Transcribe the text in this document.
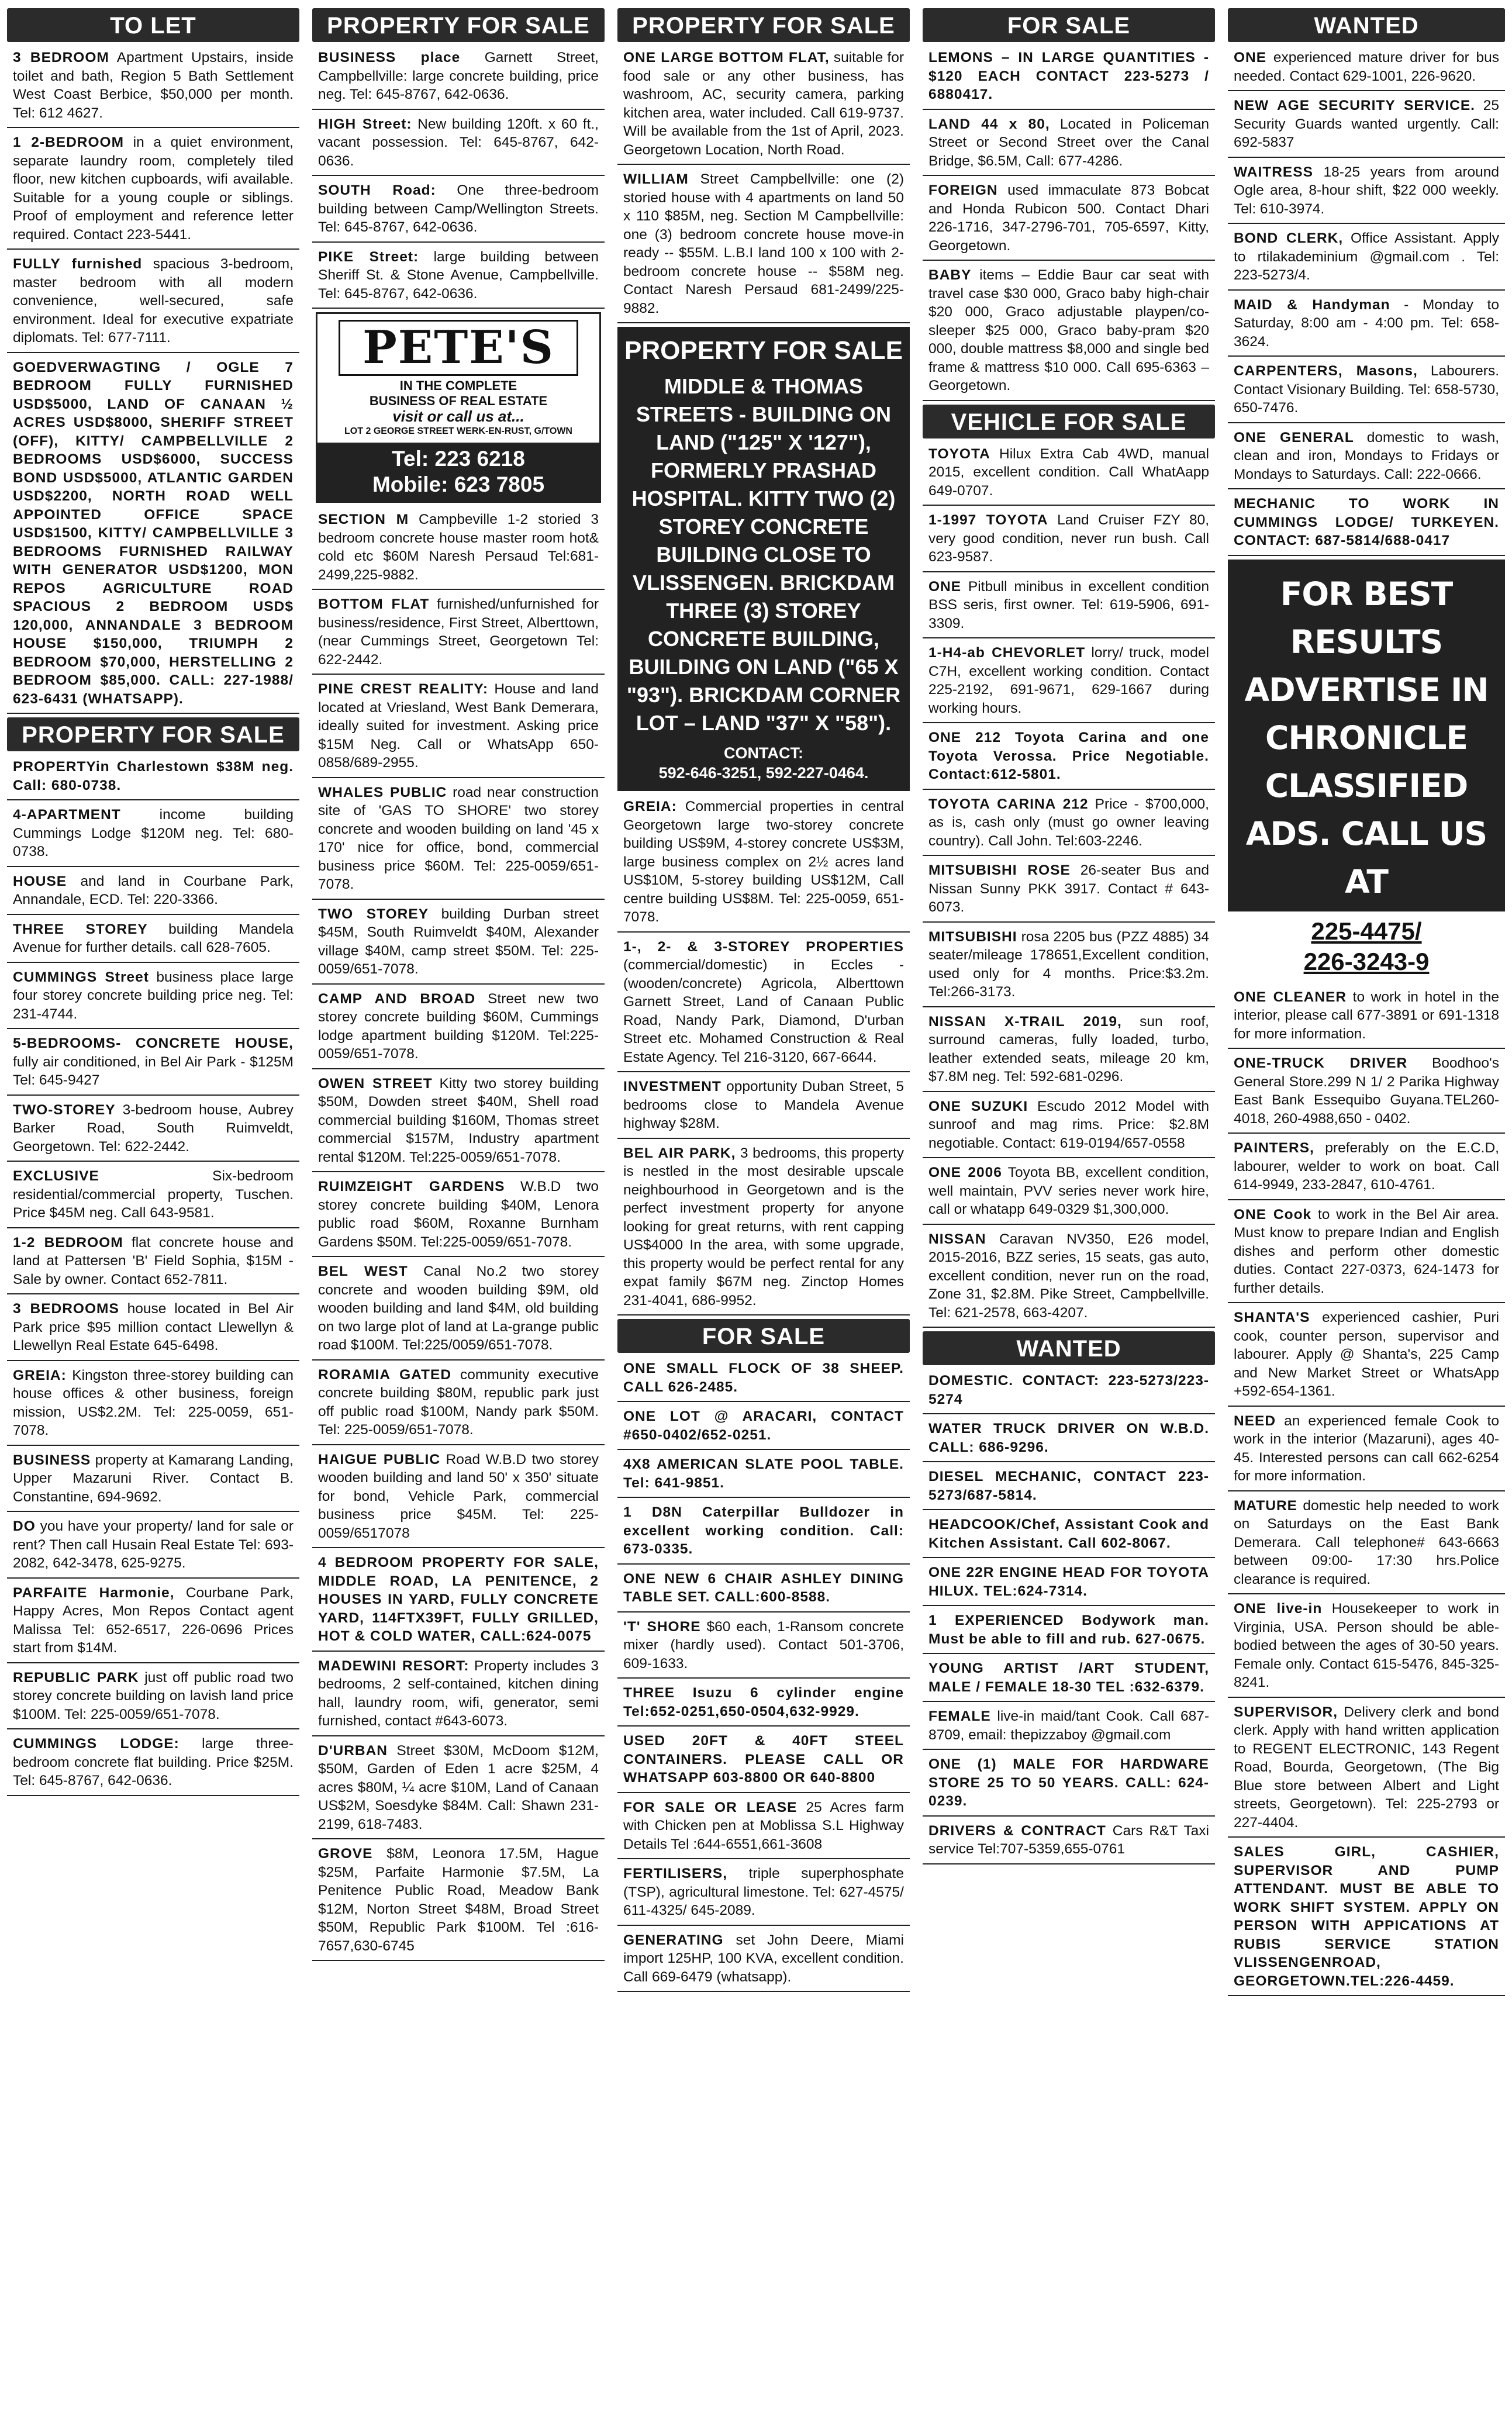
TO LET
3 BEDROOM Apartment Upstairs, inside toilet and bath, Region 5 Bath Settlement West Coast Berbice, $50,000 per month. Tel: 612 4627.
1 2-BEDROOM in a quiet environment, separate laundry room, completely tiled floor, new kitchen cupboards, wifi available. Suitable for a young couple or siblings. Proof of employment and reference letter required. Contact 223-5441.
FULLY furnished spacious 3-bedroom, master bedroom with all modern convenience, well-secured, safe environment. Ideal for executive expatriate diplomats. Tel: 677-7111.
GOEDVERWAGTING / OGLE 7 BEDROOM FULLY FURNISHED USD$5000, LAND OF CANAAN ½ ACRES USD$8000, SHERIFF STREET (OFF), KITTY/ CAMPBELLVILLE 2 BEDROOMS USD$6000, SUCCESS BOND USD$5000, ATLANTIC GARDEN USD$2200, NORTH ROAD WELL APPOINTED OFFICE SPACE USD$1500, KITTY/ CAMPBELLVILLE 3 BEDROOMS FURNISHED RAILWAY WITH GENERATOR USD$1200, MON REPOS AGRICULTURE ROAD SPACIOUS 2 BEDROOM USD$ 120,000, ANNANDALE 3 BEDROOM HOUSE $150,000, TRIUMPH 2 BEDROOM $70,000, HERSTELLING 2 BEDROOM $85,000. CALL: 227-1988/ 623-6431 (WHATSAPP).
PROPERTY FOR SALE
PROPERTYin Charlestown $38M neg. Call: 680-0738.
4-APARTMENT income building Cummings Lodge $120M neg. Tel: 680-0738.
HOUSE and land in Courbane Park, Annandale, ECD. Tel: 220-3366.
THREE STOREY building Mandela Avenue for further details. call 628-7605.
CUMMINGS Street business place large four storey concrete building price neg. Tel: 231-4744.
5-BEDROOMS- CONCRETE HOUSE, fully air conditioned, in Bel Air Park - $125M Tel: 645-9427
TWO-STOREY 3-bedroom house, Aubrey Barker Road, South Ruimveldt, Georgetown. Tel: 622-2442.
EXCLUSIVE Six-bedroom residential/commercial property, Tuschen. Price $45M neg. Call 643-9581.
1-2 BEDROOM flat concrete house and land at Pattersen 'B' Field Sophia, $15M - Sale by owner. Contact 652-7811.
3 BEDROOMS house located in Bel Air Park price $95 million contact Llewellyn & Llewellyn Real Estate 645-6498.
GREIA: Kingston three-storey building can house offices & other business, foreign mission, US$2.2M. Tel: 225-0059, 651-7078.
BUSINESS property at Kamarang Landing, Upper Mazaruni River. Contact B. Constantine, 694-9692.
DO you have your property/ land for sale or rent? Then call Husain Real Estate Tel: 693-2082, 642-3478, 625-9275.
PARFAITE Harmonie, Courbane Park, Happy Acres, Mon Repos Contact agent Malissa Tel: 652-6517, 226-0696 Prices start from $14M.
REPUBLIC PARK just off public road two storey concrete building on lavish land price $100M. Tel: 225-0059/651-7078.
CUMMINGS LODGE: large three-bedroom concrete flat building. Price $25M. Tel: 645-8767, 642-0636.
PROPERTY FOR SALE
BUSINESS place Garnett Street, Campbellville: large concrete building, price neg. Tel: 645-8767, 642-0636.
HIGH Street: New building 120ft. x 60 ft., vacant possession. Tel: 645-8767, 642-0636.
SOUTH Road: One three-bedroom building between Camp/Wellington Streets. Tel: 645-8767, 642-0636.
PIKE Street: large building between Sheriff St. & Stone Avenue, Campbellville. Tel: 645-8767, 642-0636.
PETE'S
IN THE COMPLETE
BUSINESS OF REAL ESTATE
visit or call us at...
LOT 2 GEORGE STREET WERK-EN-RUST, G/TOWN
Tel: 223 6218
Mobile: 623 7805
SECTION M Campbeville 1-2 storied 3 bedroom concrete house master room hot& cold etc $60M Naresh Persaud Tel:681-2499,225-9882.
BOTTOM FLAT furnished/unfurnished for business/residence, First Street, Alberttown, (near Cummings Street, Georgetown Tel: 622-2442.
PINE CREST REALITY: House and land located at Vriesland, West Bank Demerara, ideally suited for investment. Asking price $15M Neg. Call or WhatsApp 650-0858/689-2955.
WHALES PUBLIC road near construction site of 'GAS TO SHORE' two storey concrete and wooden building on land '45 x 170' nice for office, bond, commercial business price $60M. Tel: 225-0059/651-7078.
TWO STOREY building Durban street $45M, South Ruimveldt $40M, Alexander village $40M, camp street $50M. Tel: 225-0059/651-7078.
CAMP AND BROAD Street new two storey concrete building $60M, Cummings lodge apartment building $120M. Tel:225-0059/651-7078.
OWEN STREET Kitty two storey building $50M, Dowden street $40M, Shell road commercial building $160M, Thomas street commercial $157M, Industry apartment rental $120M. Tel:225-0059/651-7078.
RUIMZEIGHT GARDENS W.B.D two storey concrete building $40M, Lenora public road $60M, Roxanne Burnham Gardens $50M. Tel:225-0059/651-7078.
BEL WEST Canal No.2 two storey concrete and wooden building $9M, old wooden building and land $4M, old building on two large plot of land at La-grange public road $100M. Tel:225/0059/651-7078.
RORAMIA GATED community executive concrete building $80M, republic park just off public road $100M, Nandy park $50M. Tel: 225-0059/651-7078.
HAIGUE PUBLIC Road W.B.D two storey wooden building and land 50' x 350' situate for bond, Vehicle Park, commercial business price $45M. Tel: 225-0059/6517078
4 BEDROOM PROPERTY FOR SALE, MIDDLE ROAD, LA PENITENCE, 2 HOUSES IN YARD, FULLY CONCRETE YARD, 114FTX39FT, FULLY GRILLED, HOT & COLD WATER, CALL:624-0075
MADEWINI RESORT: Property includes 3 bedrooms, 2 self-contained, kitchen dining hall, laundry room, wifi, generator, semi furnished, contact #643-6073.
D'URBAN Street $30M, McDoom $12M, $50M, Garden of Eden 1 acre $25M, 4 acres $80M, ¼ acre $10M, Land of Canaan US$2M, Soesdyke $84M. Call: Shawn 231-2199, 618-7483.
GROVE $8M, Leonora 17.5M, Hague $25M, Parfaite Harmonie $7.5M, La Penitence Public Road, Meadow Bank $12M, Norton Street $48M, Broad Street $50M, Republic Park $100M. Tel :616-7657,630-6745
PROPERTY FOR SALE
ONE LARGE BOTTOM FLAT, suitable for food sale or any other business, has washroom, AC, security camera, parking kitchen area, water included. Call 619-9737. Will be available from the 1st of April, 2023. Georgetown Location, North Road.
WILLIAM Street Campbellville: one (2) storied house with 4 apartments on land 50 x 110 $85M, neg. Section M Campbellville: one (3) bedroom concrete house move-in ready -- $55M. L.B.I land 100 x 100 with 2- bedroom concrete house -- $58M neg. Contact Naresh Persaud 681-2499/225-9882.
PROPERTY FOR SALE
MIDDLE & THOMAS STREETS - BUILDING ON LAND ("125" X '127"), FORMERLY PRASHAD HOSPITAL. KITTY TWO (2) STOREY CONCRETE BUILDING CLOSE TO VLISSENGEN. BRICKDAM THREE (3) STOREY CONCRETE BUILDING, BUILDING ON LAND ("65 X "93"). BRICKDAM CORNER LOT – LAND "37" X "58").
CONTACT:
592-646-3251, 592-227-0464.
GREIA: Commercial properties in central Georgetown large two-storey concrete building US$9M, 4-storey concrete US$3M, large business complex on 2½ acres land US$10M, 5-storey building US$12M, Call centre building US$8M. Tel: 225-0059, 651-7078.
1-, 2- & 3-STOREY PROPERTIES (commercial/domestic) in Eccles - (wooden/concrete) Agricola, Alberttown Garnett Street, Land of Canaan Public Road, Nandy Park, Diamond, D'urban Street etc. Mohamed Construction & Real Estate Agency. Tel 216-3120, 667-6644.
INVESTMENT opportunity Duban Street, 5 bedrooms close to Mandela Avenue highway $28M.
BEL AIR PARK, 3 bedrooms, this property is nestled in the most desirable upscale neighbourhood in Georgetown and is the perfect investment property for anyone looking for great returns, with rent capping US$4000 In the area, with some upgrade, this property would be perfect rental for any expat family $67M neg. Zinctop Homes 231-4041, 686-9952.
FOR SALE
ONE SMALL FLOCK OF 38 SHEEP. CALL 626-2485.
ONE LOT @ ARACARI, CONTACT #650-0402/652-0251.
4X8 AMERICAN SLATE POOL TABLE. Tel: 641-9851.
1 D8N Caterpillar Bulldozer in excellent working condition. Call: 673-0335.
ONE NEW 6 CHAIR ASHLEY DINING TABLE SET. CALL:600-8588.
'T' SHORE $60 each, 1-Ransom concrete mixer (hardly used). Contact 501-3706, 609-1633.
THREE Isuzu 6 cylinder engine Tel:652-0251,650-0504,632-9929.
USED 20FT & 40FT STEEL CONTAINERS. PLEASE CALL OR WHATSAPP 603-8800 OR 640-8800
FOR SALE OR LEASE 25 Acres farm with Chicken pen at Moblissa S.L Highway Details Tel :644-6551,661-3608
FERTILISERS, triple superphosphate (TSP), agricultural limestone. Tel: 627-4575/ 611-4325/ 645-2089.
GENERATING set John Deere, Miami import 125HP, 100 KVA, excellent condition. Call 669-6479 (whatsapp).
FOR SALE
LEMONS – IN LARGE QUANTITIES - $120 EACH CONTACT 223-5273 / 6880417.
LAND 44 x 80, Located in Policeman Street or Second Street over the Canal Bridge, $6.5M, Call: 677-4286.
FOREIGN used immaculate 873 Bobcat and Honda Rubicon 500. Contact Dhari 226-1716, 347-2796-701, 705-6597, Kitty, Georgetown.
BABY items – Eddie Baur car seat with travel case $30 000, Graco baby high-chair $20 000, Graco adjustable playpen/co-sleeper $25 000, Graco baby-pram $20 000, double mattress $8,000 and single bed frame & mattress $10 000. Call 695-6363 – Georgetown.
VEHICLE FOR SALE
TOYOTA Hilux Extra Cab 4WD, manual 2015, excellent condition. Call WhatAapp 649-0707.
1-1997 TOYOTA Land Cruiser FZY 80, very good condition, never run bush. Call 623-9587.
ONE Pitbull minibus in excellent condition BSS seris, first owner. Tel: 619-5906, 691-3309.
1-H4-ab CHEVORLET lorry/ truck, model C7H, excellent working condition. Contact 225-2192, 691-9671, 629-1667 during working hours.
ONE 212 Toyota Carina and one Toyota Verossa. Price Negotiable. Contact:612-5801.
TOYOTA CARINA 212 Price - $700,000, as is, cash only (must go owner leaving country). Call John. Tel:603-2246.
MITSUBISHI ROSE 26-seater Bus and Nissan Sunny PKK 3917. Contact # 643-6073.
MITSUBISHI rosa 2205 bus (PZZ 4885) 34 seater/mileage 178651,Excellent condition, used only for 4 months. Price:$3.2m. Tel:266-3173.
NISSAN X-TRAIL 2019, sun roof, surround cameras, fully loaded, turbo, leather extended seats, mileage 20 km, $7.8M neg. Tel: 592-681-0296.
ONE SUZUKI Escudo 2012 Model with sunroof and mag rims. Price: $2.8M negotiable. Contact: 619-0194/657-0558
ONE 2006 Toyota BB, excellent condition, well maintain, PVV series never work hire, call or whatapp 649-0329 $1,300,000.
NISSAN Caravan NV350, E26 model, 2015-2016, BZZ series, 15 seats, gas auto, excellent condition, never run on the road, Zone 31, $2.8M. Pike Street, Campbellville. Tel: 621-2578, 663-4207.
WANTED
DOMESTIC. CONTACT: 223-5273/223-5274
WATER TRUCK DRIVER ON W.B.D. CALL: 686-9296.
DIESEL MECHANIC, CONTACT 223-5273/687-5814.
HEADCOOK/Chef, Assistant Cook and Kitchen Assistant. Call 602-8067.
ONE 22R ENGINE HEAD FOR TOYOTA HILUX. TEL:624-7314.
1 EXPERIENCED Bodywork man. Must be able to fill and rub. 627-0675.
YOUNG ARTIST /ART STUDENT, MALE / FEMALE 18-30 TEL :632-6379.
FEMALE live-in maid/tant Cook. Call 687-8709, email: thepizzaboy @gmail.com
ONE (1) MALE FOR HARDWARE STORE 25 TO 50 YEARS. CALL: 624-0239.
DRIVERS & CONTRACT Cars R&T Taxi service Tel:707-5359,655-0761
WANTED
ONE experienced mature driver for bus needed. Contact 629-1001, 226-9620.
NEW AGE SECURITY SERVICE. 25 Security Guards wanted urgently. Call: 692-5837
WAITRESS 18-25 years from around Ogle area, 8-hour shift, $22 000 weekly. Tel: 610-3974.
BOND CLERK, Office Assistant. Apply to rtilakademinium @gmail.com . Tel: 223-5273/4.
MAID & Handyman - Monday to Saturday, 8:00 am - 4:00 pm. Tel: 658-3624.
CARPENTERS, Masons, Labourers. Contact Visionary Building. Tel: 658-5730, 650-7476.
ONE GENERAL domestic to wash, clean and iron, Mondays to Fridays or Mondays to Saturdays. Call: 222-0666.
MECHANIC TO WORK IN CUMMINGS LODGE/ TURKEYEN. CONTACT: 687-5814/688-0417
FOR BEST RESULTS ADVERTISE IN CHRONICLE CLASSIFIED ADS. CALL US AT
225-4475/
226-3243-9
ONE CLEANER to work in hotel in the interior, please call 677-3891 or 691-1318 for more information.
ONE-TRUCK DRIVER Boodhoo's General Store.299 N 1/ 2 Parika Highway East Bank Essequibo Guyana.TEL260-4018, 260-4988,650 - 0402.
PAINTERS, preferably on the E.C.D, labourer, welder to work on boat. Call 614-9949, 233-2847, 610-4761.
ONE Cook to work in the Bel Air area. Must know to prepare Indian and English dishes and perform other domestic duties. Contact 227-0373, 624-1473 for further details.
SHANTA'S experienced cashier, Puri cook, counter person, supervisor and labourer. Apply @ Shanta's, 225 Camp and New Market Street or WhatsApp +592-654-1361.
NEED an experienced female Cook to work in the interior (Mazaruni), ages 40-45. Interested persons can call 662-6254 for more information.
MATURE domestic help needed to work on Saturdays on the East Bank Demerara. Call telephone# 643-6663 between 09:00- 17:30 hrs.Police clearance is required.
ONE live-in Housekeeper to work in Virginia, USA. Person should be able-bodied between the ages of 30-50 years. Female only. Contact 615-5476, 845-325-8241.
SUPERVISOR, Delivery clerk and bond clerk. Apply with hand written application to REGENT ELECTRONIC, 143 Regent Road, Bourda, Georgetown, (The Big Blue store between Albert and Light streets, Georgetown). Tel: 225-2793 or 227-4404.
SALES GIRL, CASHIER, SUPERVISOR AND PUMP ATTENDANT. MUST BE ABLE TO WORK SHIFT SYSTEM. APPLY ON PERSON WITH APPICATIONS AT RUBIS SERVICE STATION VLISSENGENROAD, GEORGETOWN.TEL:226-4459.
